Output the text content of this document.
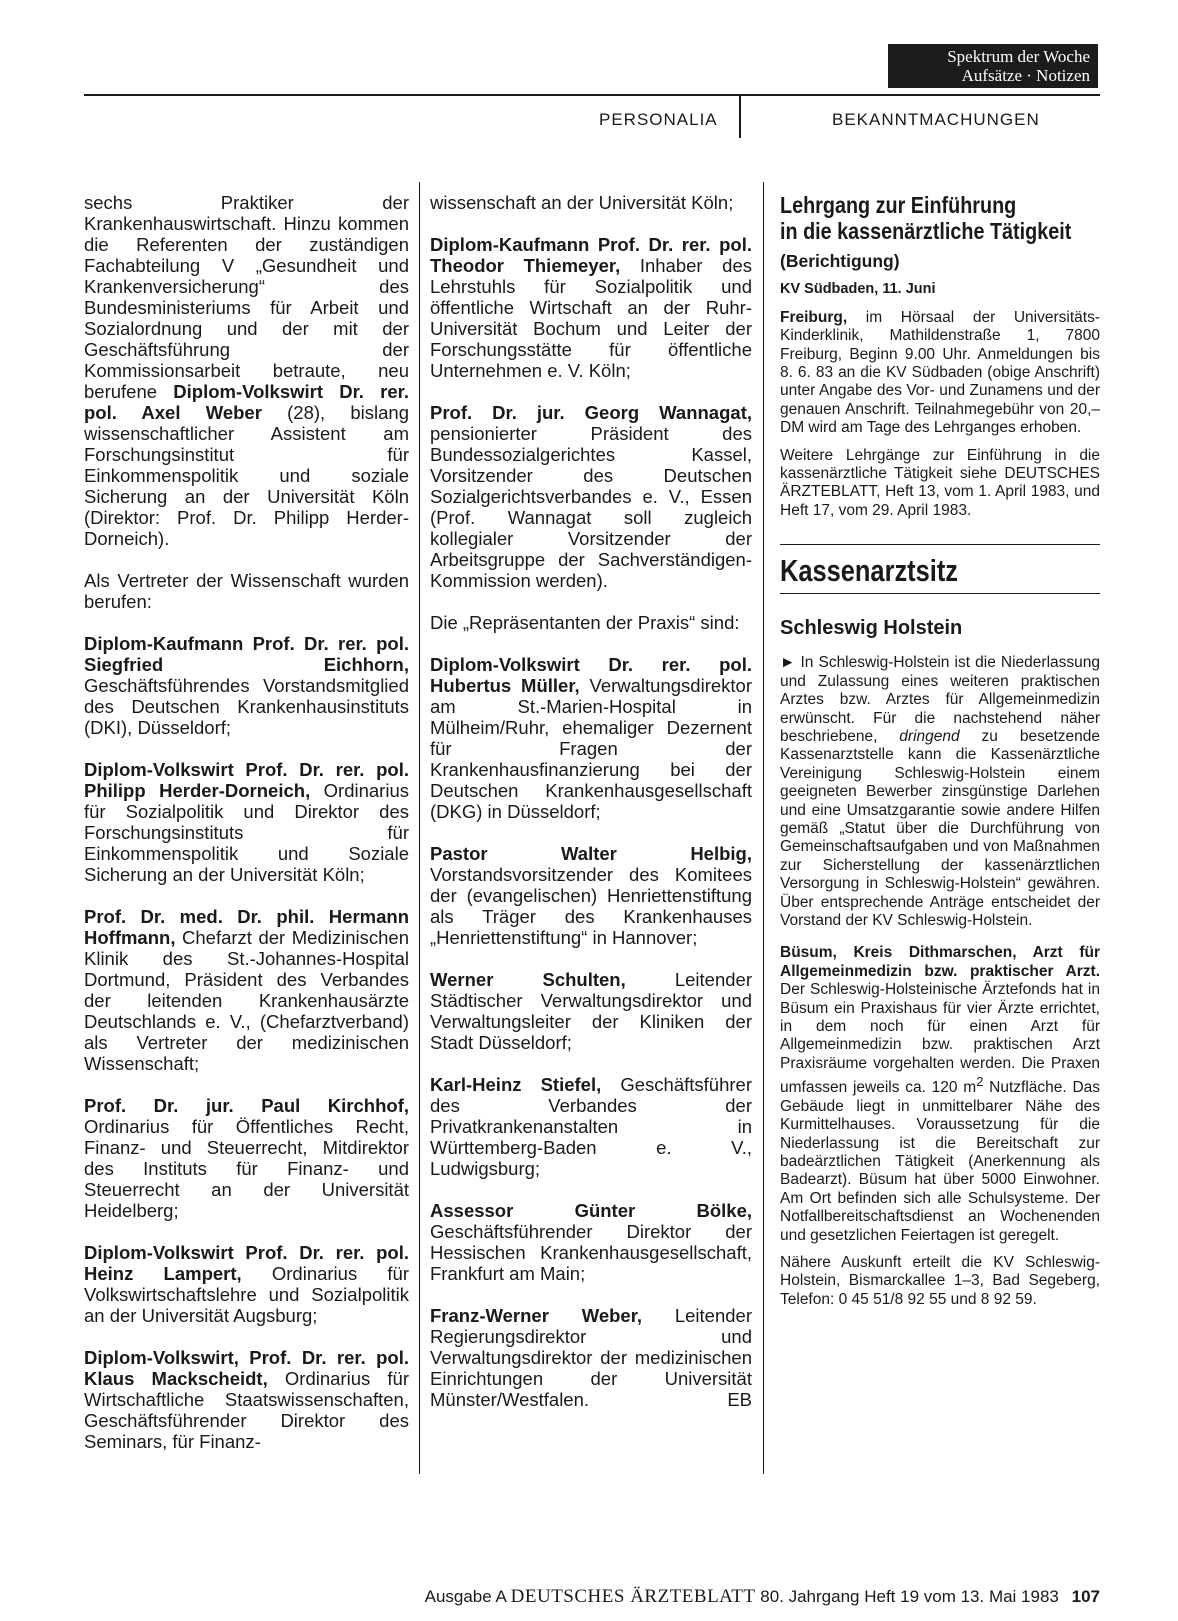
Spektrum der Woche
Aufsätze · Notizen
PERSONALIA	BEKANNTMACHUNGEN

sechs Praktiker der Krankenhauswirtschaft. Hinzu kommen die Referenten der zuständigen Fachabteilung V „Gesundheit und Krankenversicherung“ des Bundesministeriums für Arbeit und Sozialordnung und der mit der Geschäftsführung der Kommissionsarbeit betraute, neu berufene Diplom-Volkswirt Dr. rer. pol. Axel Weber (28), bislang wissenschaftlicher Assistent am Forschungsinstitut für Einkommenspolitik und soziale Sicherung an der Universität Köln (Direktor: Prof. Dr. Philipp Herder-Dorneich).

Als Vertreter der Wissenschaft wurden berufen:

Diplom-Kaufmann Prof. Dr. rer. pol. Siegfried Eichhorn, Geschäftsführendes Vorstandsmitglied des Deutschen Krankenhausinstituts (DKI), Düsseldorf;

Diplom-Volkswirt Prof. Dr. rer. pol. Philipp Herder-Dorneich, Ordinarius für Sozialpolitik und Direktor des Forschungsinstituts für Einkommenspolitik und Soziale Sicherung an der Universität Köln;

Prof. Dr. med. Dr. phil. Hermann Hoffmann, Chefarzt der Medizinischen Klinik des St.-Johannes-Hospital Dortmund, Präsident des Verbandes der leitenden Krankenhausärzte Deutschlands e. V., (Chefarztverband) als Vertreter der medizinischen Wissenschaft;

Prof. Dr. jur. Paul Kirchhof, Ordinarius für Öffentliches Recht, Finanz- und Steuerrecht, Mitdirektor des Instituts für Finanz- und Steuerrecht an der Universität Heidelberg;

Diplom-Volkswirt Prof. Dr. rer. pol. Heinz Lampert, Ordinarius für Volkswirtschaftslehre und Sozialpolitik an der Universität Augsburg;

Diplom-Volkswirt, Prof. Dr. rer. pol. Klaus Mackscheidt, Ordinarius für Wirtschaftliche Staatswissenschaften, Geschäftsführender Direktor des Seminars, für Finanz-

wissenschaft an der Universität Köln;

Diplom-Kaufmann Prof. Dr. rer. pol. Theodor Thiemeyer, Inhaber des Lehrstuhls für Sozialpolitik und öffentliche Wirtschaft an der Ruhr-Universität Bochum und Leiter der Forschungsstätte für öffentliche Unternehmen e. V. Köln;

Prof. Dr. jur. Georg Wannagat, pensionierter Präsident des Bundessozialgerichtes Kassel, Vorsitzender des Deutschen Sozialgerichtsverbandes e. V., Essen (Prof. Wannagat soll zugleich kollegialer Vorsitzender der Arbeitsgruppe der Sachverständigen-Kommission werden).

Die „Repräsentanten der Praxis“ sind:

Diplom-Volkswirt Dr. rer. pol. Hubertus Müller, Verwaltungsdirektor am St.-Marien-Hospital in Mülheim/Ruhr, ehemaliger Dezernent für Fragen der Krankenhausfinanzierung bei der Deutschen Krankenhausgesellschaft (DKG) in Düsseldorf;

Pastor Walter Helbig, Vorstandsvorsitzender des Komitees der (evangelischen) Henriettenstiftung als Träger des Krankenhauses „Henriettenstiftung“ in Hannover;

Werner Schulten, Leitender Städtischer Verwaltungsdirektor und Verwaltungsleiter der Kliniken der Stadt Düsseldorf;

Karl-Heinz Stiefel, Geschäftsführer des Verbandes der Privatkrankenanstalten in Württemberg-Baden e. V., Ludwigsburg;

Assessor Günter Bölke, Geschäftsführender Direktor der Hessischen Krankenhausgesellschaft, Frankfurt am Main;

Franz-Werner Weber, Leitender Regierungsdirektor und Verwaltungsdirektor der medizinischen Einrichtungen der Universität Münster/Westfalen.	EB

Lehrgang zur Einführung
in die kassenärztliche Tätigkeit
(Berichtigung)
KV Südbaden, 11. Juni

Freiburg, im Hörsaal der Universitäts-Kinderklinik, Mathildenstraße 1, 7800 Freiburg, Beginn 9.00 Uhr. Anmeldungen bis 8. 6. 83 an die KV Südbaden (obige Anschrift) unter Angabe des Vor- und Zunamens und der genauen Anschrift. Teilnahmegebühr von 20,– DM wird am Tage des Lehrganges erhoben.

Weitere Lehrgänge zur Einführung in die kassenärztliche Tätigkeit siehe DEUTSCHES ÄRZTEBLATT, Heft 13, vom 1. April 1983, und Heft 17, vom 29. April 1983.

Kassenarztsitz
Schleswig Holstein

► In Schleswig-Holstein ist die Niederlassung und Zulassung eines weiteren praktischen Arztes bzw. Arztes für Allgemeinmedizin erwünscht. Für die nachstehend näher beschriebene, dringend zu besetzende Kassenarztstelle kann die Kassenärztliche Vereinigung Schleswig-Holstein einem geeigneten Bewerber zinsgünstige Darlehen und eine Umsatzgarantie sowie andere Hilfen gemäß „Statut über die Durchführung von Gemeinschaftsaufgaben und von Maßnahmen zur Sicherstellung der kassenärztlichen Versorgung in Schleswig-Holstein“ gewähren. Über entsprechende Anträge entscheidet der Vorstand der KV Schleswig-Holstein.

Büsum, Kreis Dithmarschen, Arzt für Allgemeinmedizin bzw. praktischer Arzt. Der Schleswig-Holsteinische Ärztefonds hat in Büsum ein Praxishaus für vier Ärzte errichtet, in dem noch für einen Arzt für Allgemeinmedizin bzw. praktischen Arzt Praxisräume vorgehalten werden. Die Praxen umfassen jeweils ca. 120 $m^2$ Nutzfläche. Das Gebäude liegt in unmittelbarer Nähe des Kurmittelhauses. Voraussetzung für die Niederlassung ist die Bereitschaft zur badeärztlichen Tätigkeit (Anerkennung als Badearzt). Büsum hat über 5000 Einwohner. Am Ort befinden sich alle Schulsysteme. Der Notfallbereitschaftsdienst an Wochenenden und gesetzlichen Feiertagen ist geregelt.

Nähere Auskunft erteilt die KV Schleswig-Holstein, Bismarckallee 1–3, Bad Segeberg, Telefon: 0 45 51/8 92 55 und 8 92 59.

Ausgabe A DEUTSCHES ÄRZTEBLATT 80. Jahrgang Heft 19 vom 13. Mai 1983 107
